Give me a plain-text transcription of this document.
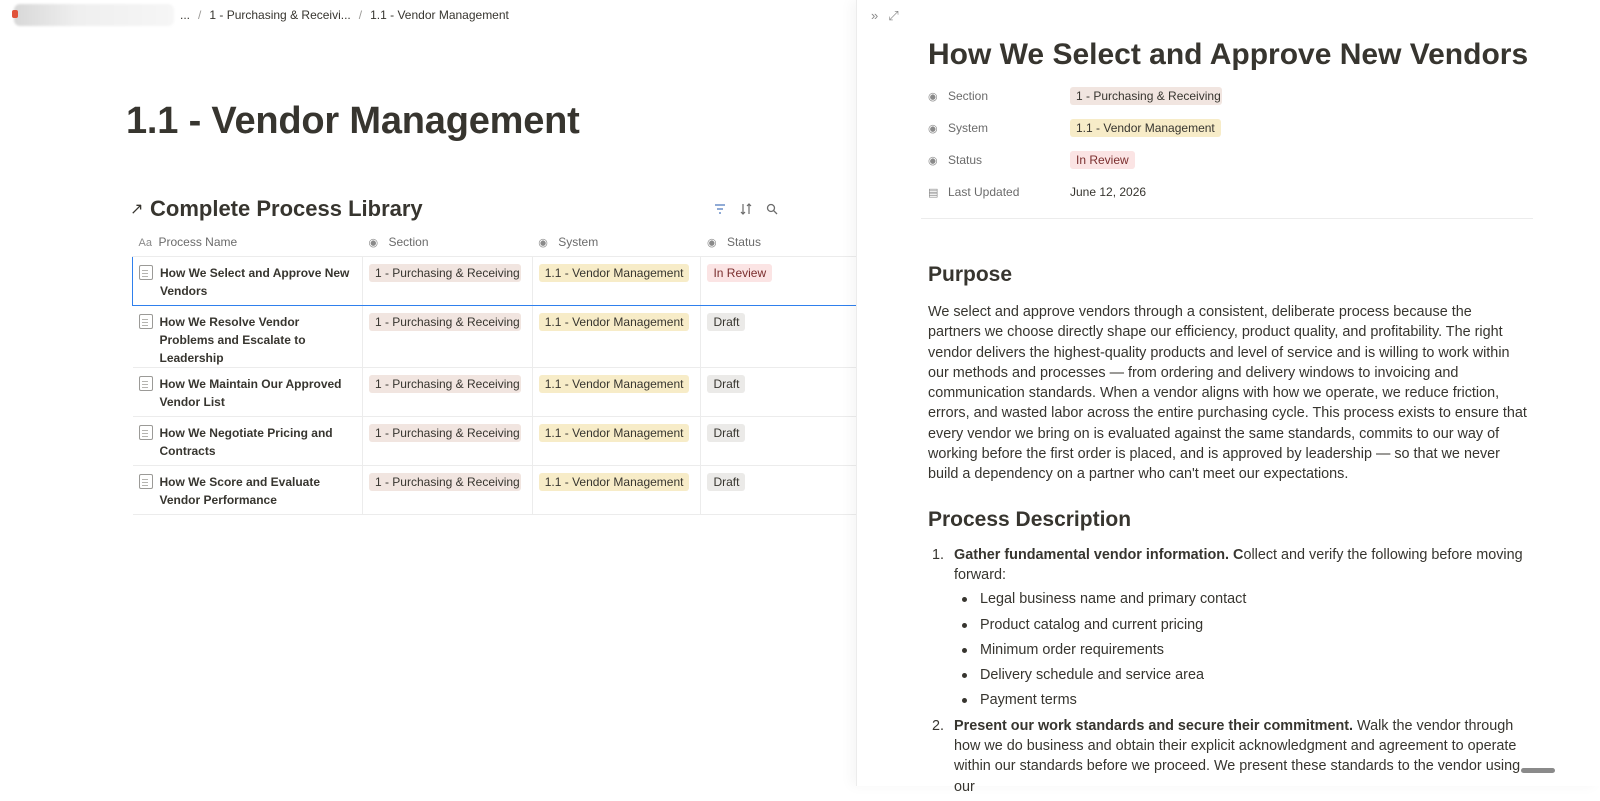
... / 1 - Purchasing & Receivi... / 1.1 - Vendor Management
1.1 - Vendor Management
↗ Complete Process Library
Aa Process Name	◉ Section	◉ System	◉ Status

How We Select and Approve New Vendors	1 - Purchasing & Receiving	1.1 - Vendor Management	In Review

How We Resolve Vendor Problems and Escalate to Leadership	1 - Purchasing & Receiving	1.1 - Vendor Management	Draft

How We Maintain Our Approved Vendor List	1 - Purchasing & Receiving	1.1 - Vendor Management	Draft

How We Negotiate Pricing and Contracts	1 - Purchasing & Receiving	1.1 - Vendor Management	Draft

How We Score and Evaluate Vendor Performance	1 - Purchasing & Receiving	1.1 - Vendor Management	Draft
» ⤢
How We Select and Approve New Vendors
◉ Section	1 - Purchasing & Receiving
◉ System	1.1 - Vendor Management
◉ Status	In Review
▤ Last Updated	June 12, 2026
Purpose

We select and approve vendors through a consistent, deliberate process because the partners we choose directly shape our efficiency, product quality, and profitability. The right vendor delivers the highest-quality products and level of service and is willing to work within our methods and processes — from ordering and delivery windows to invoicing and communication standards. When a vendor aligns with how we operate, we reduce friction, errors, and wasted labor across the entire purchasing cycle. This process exists to ensure that every vendor we bring on is evaluated against the same standards, commits to our way of working before the first order is placed, and is approved by leadership — so that we never build a dependency on a partner who can't meet our expectations.

Process Description
1. Gather fundamental vendor information. Collect and verify the following before moving forward:
Legal business name and primary contact
Product catalog and current pricing
Minimum order requirements
Delivery schedule and service area
Payment terms
2. Present our work standards and secure their commitment. Walk the vendor through how we do business and obtain their explicit acknowledgment and agreement to operate within our standards before we proceed. We present these standards to the vendor using our
